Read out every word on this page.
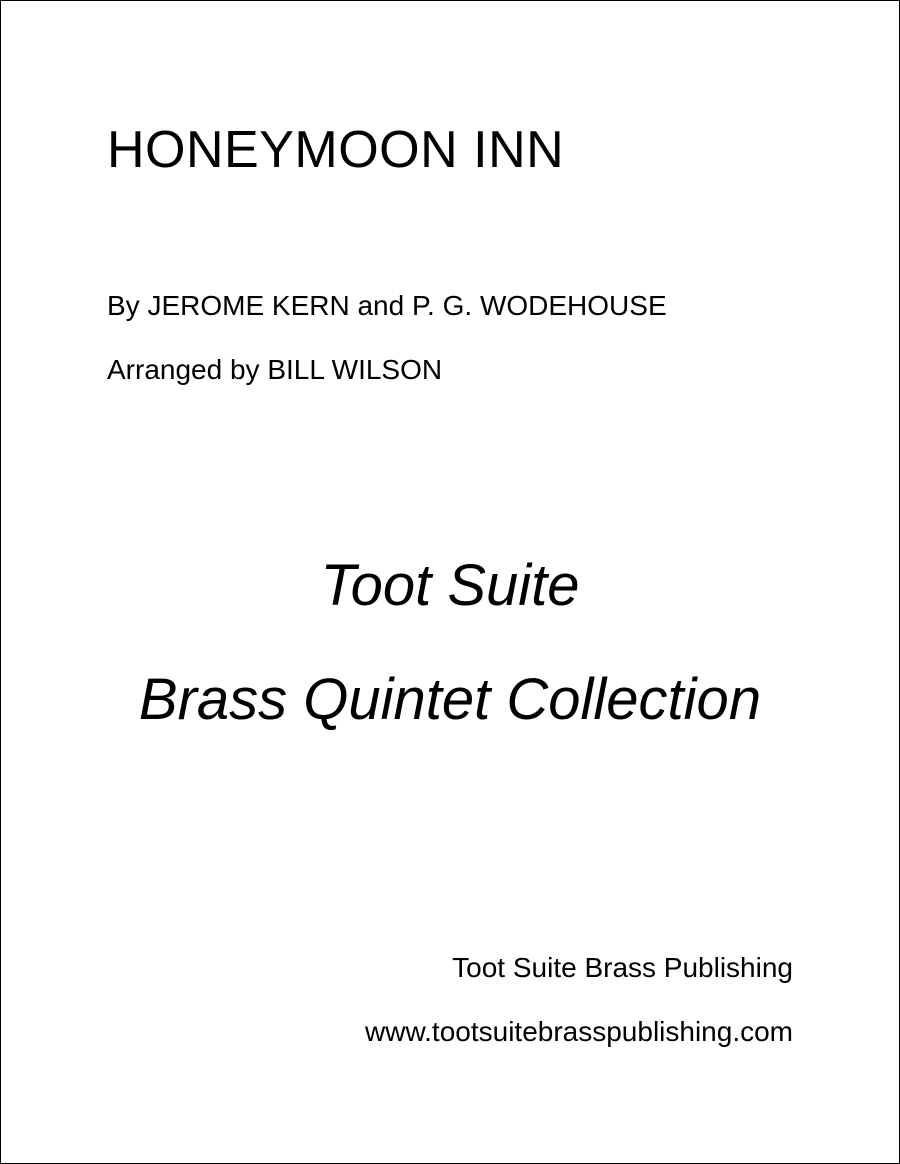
HONEYMOON INN

By JEROME KERN and P. G. WODEHOUSE

Arranged by BILL WILSON

Toot Suite

Brass Quintet Collection

Toot Suite Brass Publishing

www.tootsuitebrasspublishing.com
